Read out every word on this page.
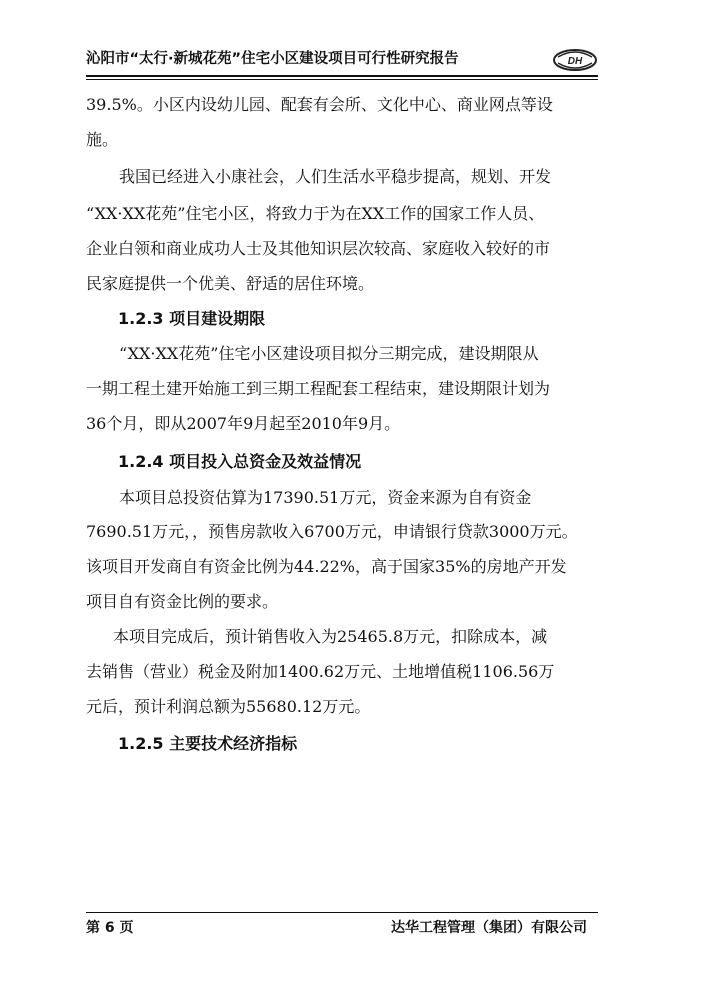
沁阳市“太行·新城花苑”住宅小区建设项目可行性研究报告	DH
39.5%。小区内设幼儿园、配套有会所、文化中心、商业网点等设
施。
我国已经进入小康社会，人们生活水平稳步提高，规划、开发
“XX·XX花苑”住宅小区，将致力于为在XX工作的国家工作人员、
企业白领和商业成功人士及其他知识层次较高、家庭收入较好的市
民家庭提供一个优美、舒适的居住环境。
1.2.3 项目建设期限
“XX·XX花苑”住宅小区建设项目拟分三期完成，建设期限从
一期工程土建开始施工到三期工程配套工程结束，建设期限计划为
36个月，即从2007年9月起至2010年9月。
1.2.4 项目投入总资金及效益情况
本项目总投资估算为17390.51万元，资金来源为自有资金
7690.51万元，，预售房款收入6700万元，申请银行贷款3000万元。
该项目开发商自有资金比例为44.22%，高于国家35%的房地产开发
项目自有资金比例的要求。
本项目完成后，预计销售收入为25465.8万元，扣除成本，减
去销售（营业）税金及附加1400.62万元、土地增值税1106.56万
元后，预计利润总额为55680.12万元。
1.2.5 主要技术经济指标
第 6 页	达华工程管理（集团）有限公司
